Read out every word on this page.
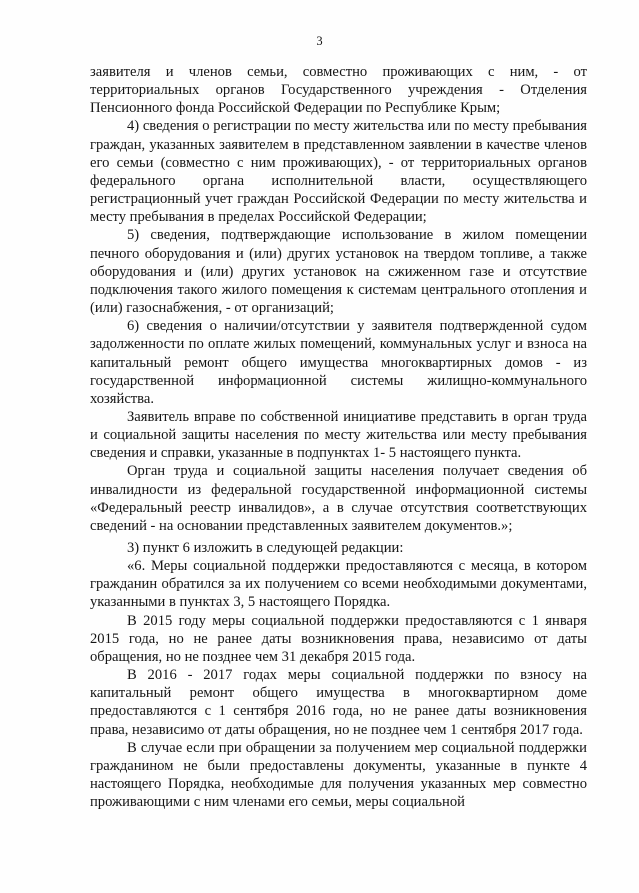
3

заявителя и членов семьи, совместно проживающих с ним, - от территориальных органов Государственного учреждения - Отделения Пенсионного фонда Российской Федерации по Республике Крым;

4) сведения о регистрации по месту жительства или по месту пребывания граждан, указанных заявителем в представленном заявлении в качестве членов его семьи (совместно с ним проживающих), - от территориальных органов федерального органа исполнительной власти, осуществляющего регистрационный учет граждан Российской Федерации по месту жительства и месту пребывания в пределах Российской Федерации;

5) сведения, подтверждающие использование в жилом помещении печного оборудования и (или) других установок на твердом топливе, а также оборудования и (или) других установок на сжиженном газе и отсутствие подключения такого жилого помещения к системам центрального отопления и (или) газоснабжения, - от организаций;

6) сведения о наличии/отсутствии у заявителя подтвержденной судом задолженности по оплате жилых помещений, коммунальных услуг и взноса на капитальный ремонт общего имущества многоквартирных домов - из государственной информационной системы жилищно-коммунального хозяйства.

Заявитель вправе по собственной инициативе представить в орган труда и социальной защиты населения по месту жительства или месту пребывания сведения и справки, указанные в подпунктах 1- 5 настоящего пункта.

Орган труда и социальной защиты населения получает сведения об инвалидности из федеральной государственной информационной системы «Федеральный реестр инвалидов», а в случае отсутствия соответствующих сведений - на основании представленных заявителем документов.»;

3) пункт 6 изложить в следующей редакции:

«6. Меры социальной поддержки предоставляются с месяца, в котором гражданин обратился за их получением со всеми необходимыми документами, указанными в пунктах 3, 5 настоящего Порядка.

В 2015 году меры социальной поддержки предоставляются с 1 января 2015 года, но не ранее даты возникновения права, независимо от даты обращения, но не позднее чем 31 декабря 2015 года.

В 2016 - 2017 годах меры социальной поддержки по взносу на капитальный ремонт общего имущества в многоквартирном доме предоставляются с 1 сентября 2016 года, но не ранее даты возникновения права, независимо от даты обращения, но не позднее чем 1 сентября 2017 года.

В случае если при обращении за получением мер социальной поддержки гражданином не были предоставлены документы, указанные в пункте 4 настоящего Порядка, необходимые для получения указанных мер совместно проживающими с ним членами его семьи, меры социальной
